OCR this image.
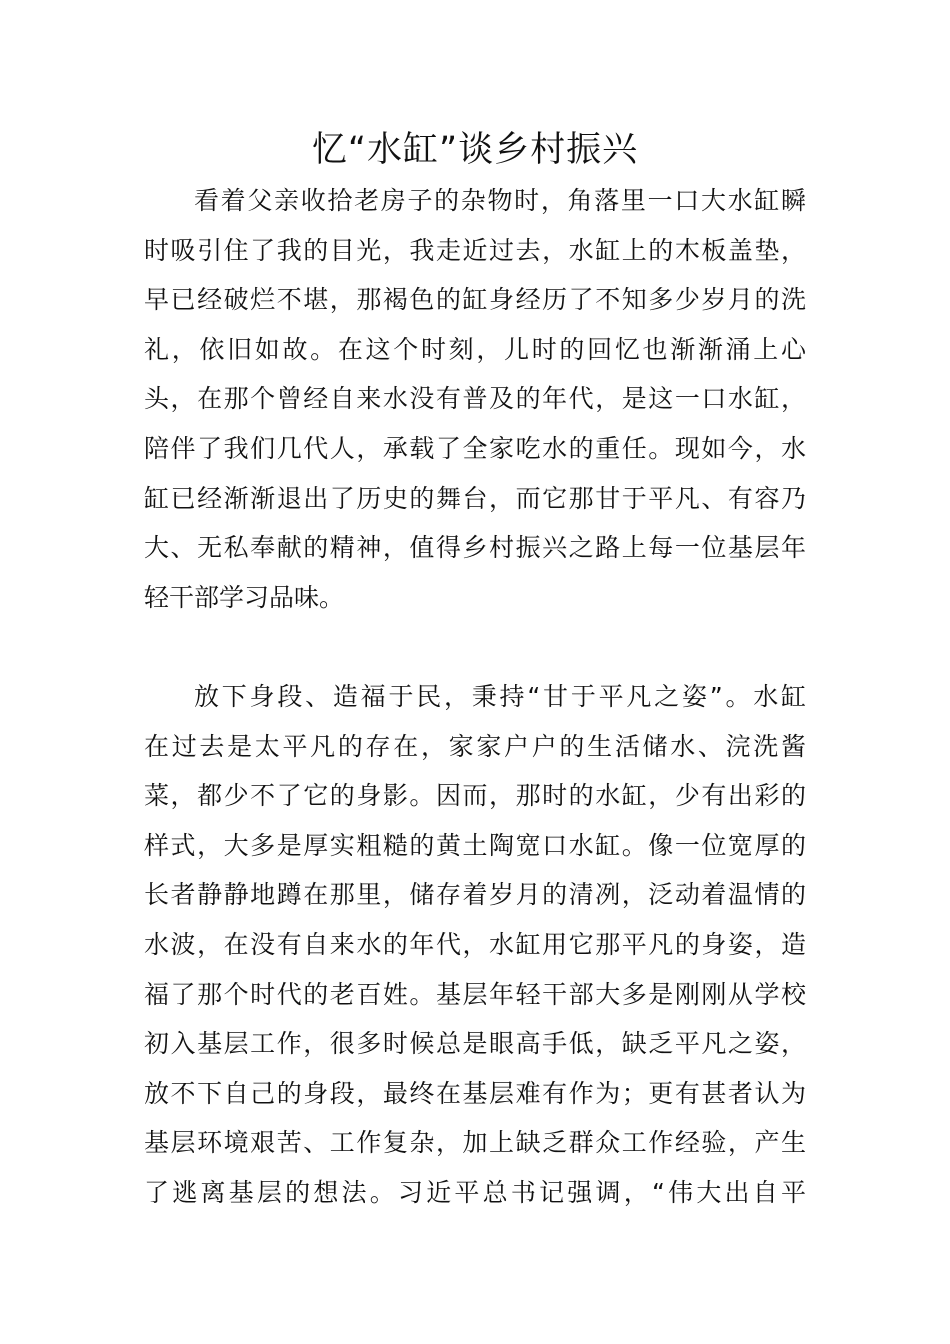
忆“水缸”谈乡村振兴
看着父亲收拾老房子的杂物时，角落里一口大水缸瞬
时吸引住了我的目光，我走近过去，水缸上的木板盖垫，
早已经破烂不堪，那褐色的缸身经历了不知多少岁月的洗
礼，依旧如故。在这个时刻，儿时的回忆也渐渐涌上心
头，在那个曾经自来水没有普及的年代，是这一口水缸，
陪伴了我们几代人，承载了全家吃水的重任。现如今，水
缸已经渐渐退出了历史的舞台，而它那甘于平凡、有容乃
大、无私奉献的精神，值得乡村振兴之路上每一位基层年
轻干部学习品味。
放下身段、造福于民，秉持“甘于平凡之姿”。水缸
在过去是太平凡的存在，家家户户的生活储水、浣洗酱
菜，都少不了它的身影。因而，那时的水缸，少有出彩的
样式，大多是厚实粗糙的黄土陶宽口水缸。像一位宽厚的
长者静静地蹲在那里，储存着岁月的清冽，泛动着温情的
水波，在没有自来水的年代，水缸用它那平凡的身姿，造
福了那个时代的老百姓。基层年轻干部大多是刚刚从学校
初入基层工作，很多时候总是眼高手低，缺乏平凡之姿，
放不下自己的身段，最终在基层难有作为；更有甚者认为
基层环境艰苦、工作复杂，加上缺乏群众工作经验，产生
了逃离基层的想法。习近平总书记强调，“伟大出自平
